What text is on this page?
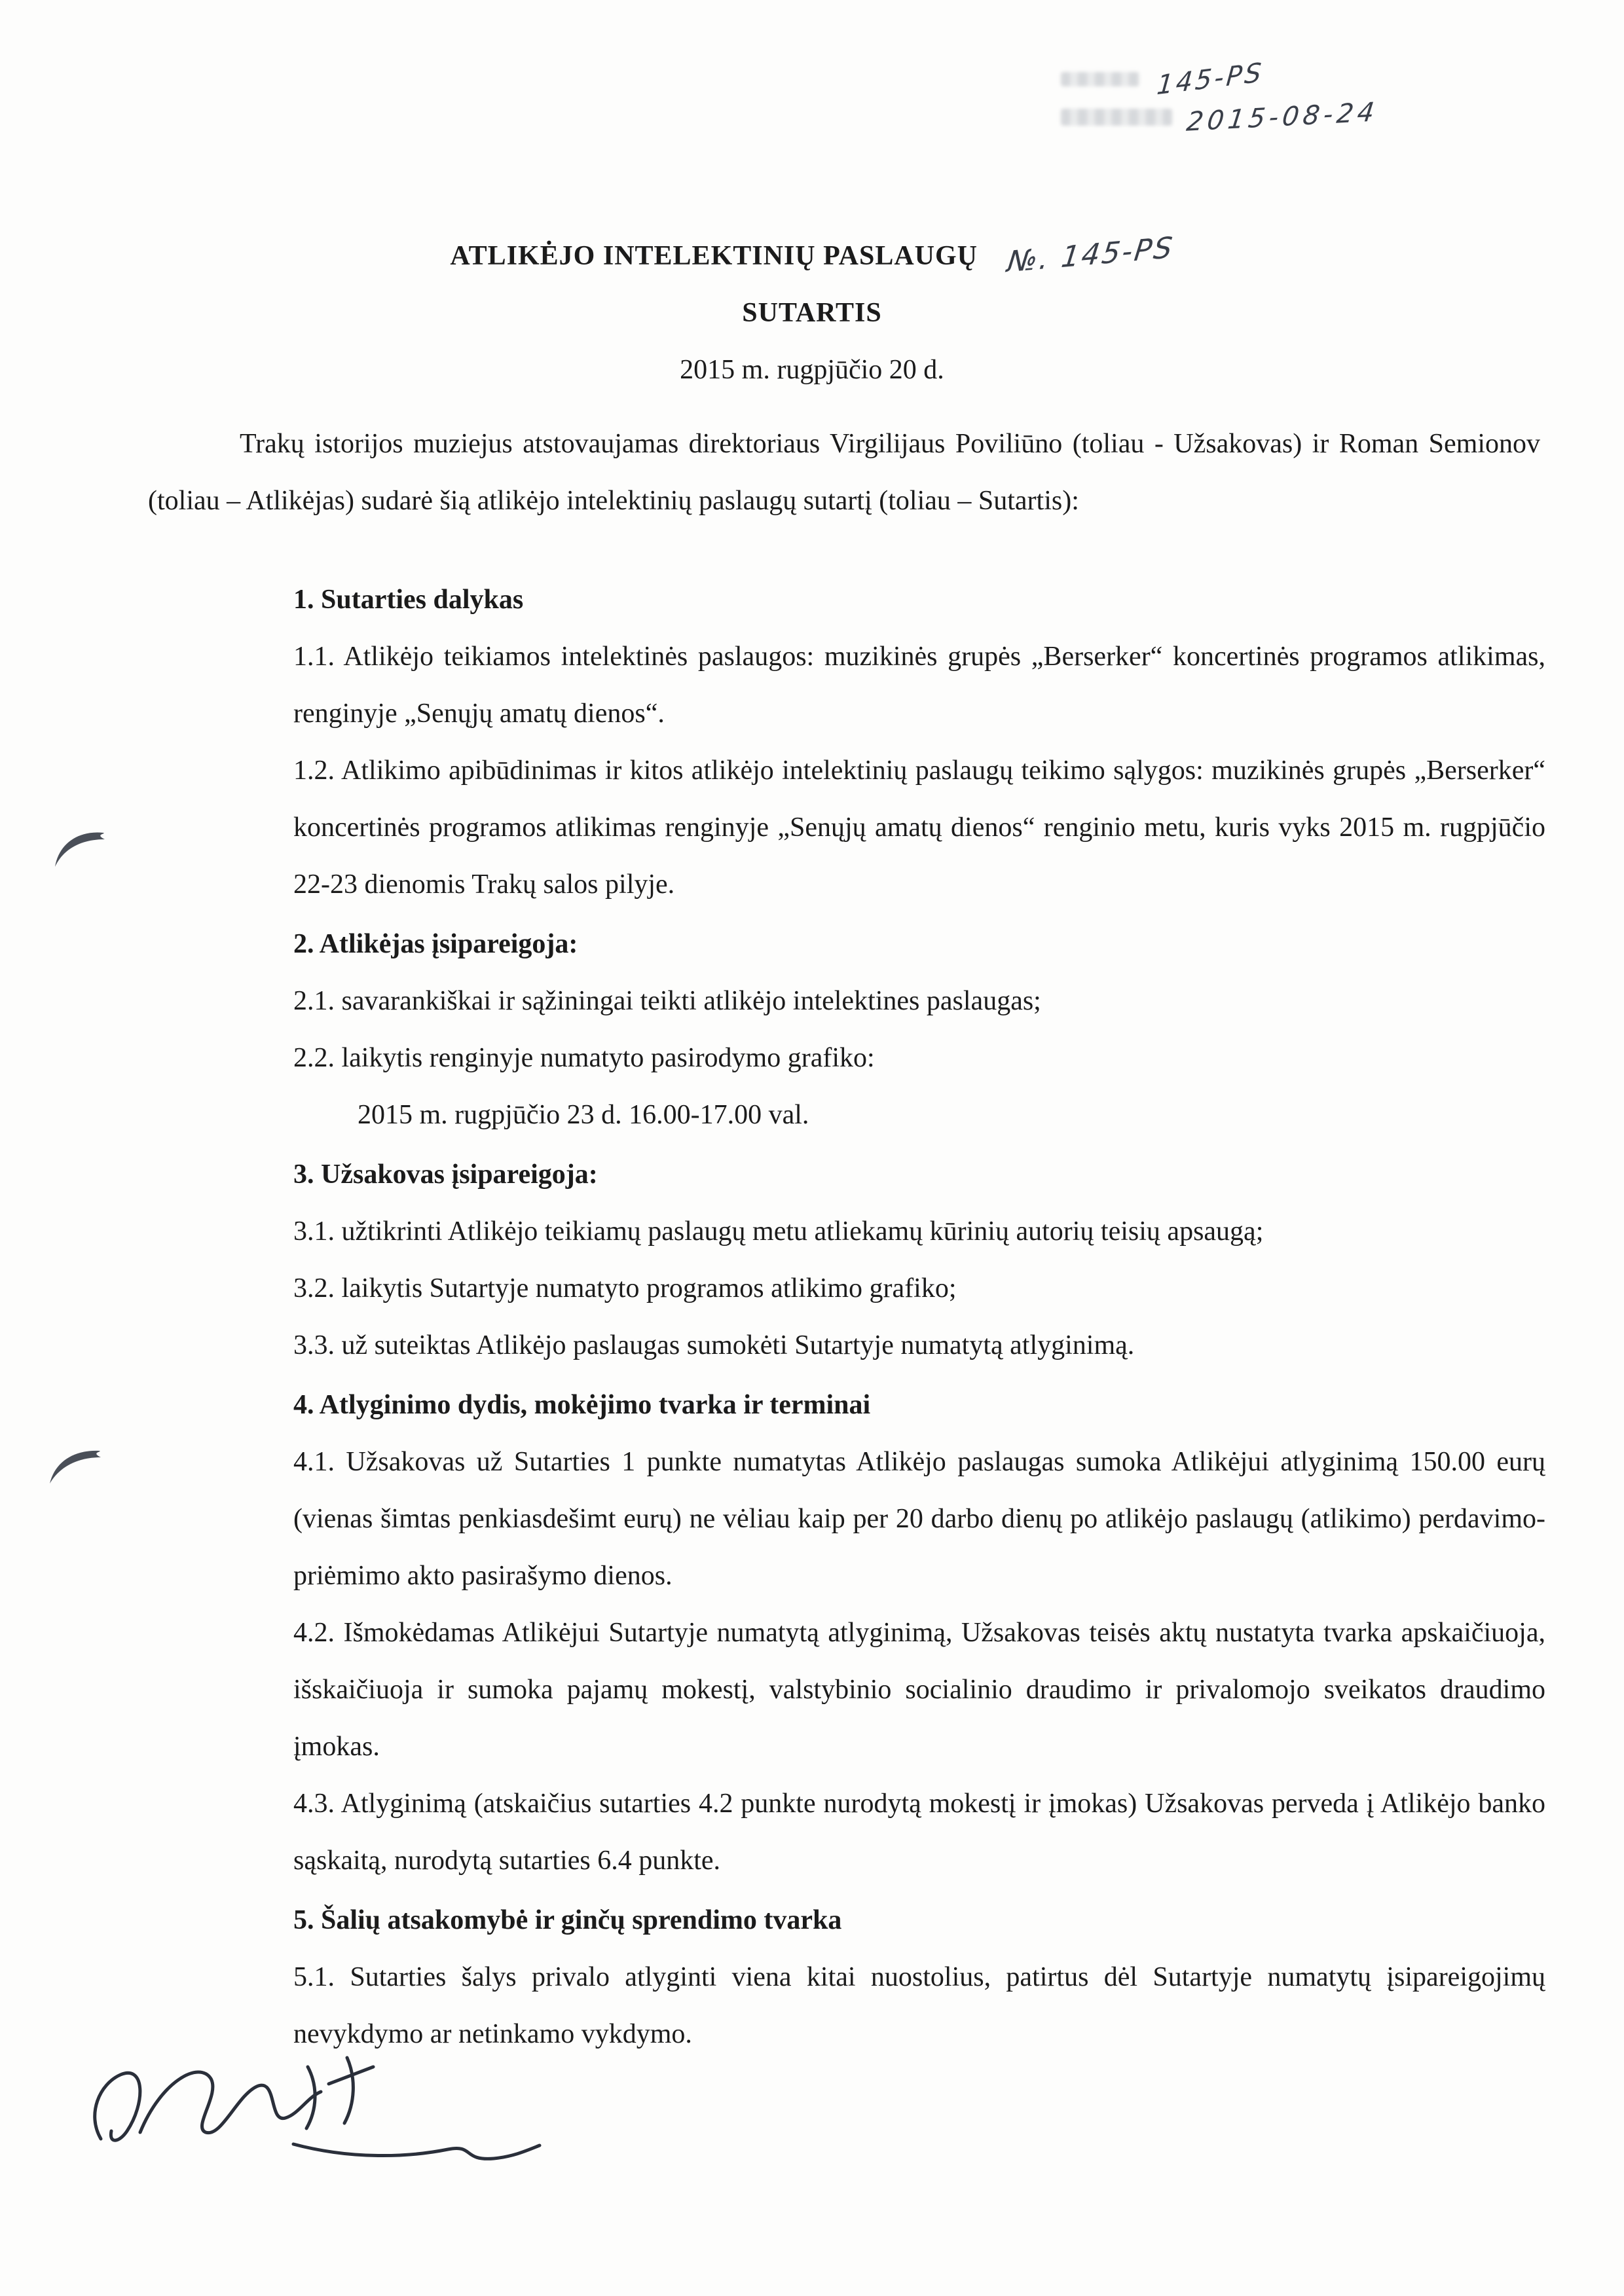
145-PS
2015-08-24
ATLIKĖJO INTELEKTINIŲ PASLAUGŲ №. 145-PS
SUTARTIS
2015 m. rugpjūčio 20 d.

Trakų istorijos muziejus atstovaujamas direktoriaus Virgilijaus Poviliūno (toliau - Užsakovas) ir Roman Semionov (toliau – Atlikėjas) sudarė šią atlikėjo intelektinių paslaugų sutartį (toliau – Sutartis):

1. Sutarties dalykas

1.1. Atlikėjo teikiamos intelektinės paslaugos: muzikinės grupės „Berserker“ koncertinės programos atlikimas, renginyje „Senųjų amatų dienos“.

1.2. Atlikimo apibūdinimas ir kitos atlikėjo intelektinių paslaugų teikimo sąlygos: muzikinės grupės „Berserker“ koncertinės programos atlikimas renginyje „Senųjų amatų dienos“ renginio metu, kuris vyks 2015 m. rugpjūčio 22-23 dienomis Trakų salos pilyje.

2. Atlikėjas įsipareigoja:

2.1. savarankiškai ir sąžiningai teikti atlikėjo intelektines paslaugas;

2.2. laikytis renginyje numatyto pasirodymo grafiko:

2015 m. rugpjūčio 23 d. 16.00-17.00 val.

3. Užsakovas įsipareigoja:

3.1. užtikrinti Atlikėjo teikiamų paslaugų metu atliekamų kūrinių autorių teisių apsaugą;

3.2. laikytis Sutartyje numatyto programos atlikimo grafiko;

3.3. už suteiktas Atlikėjo paslaugas sumokėti Sutartyje numatytą atlyginimą.

4. Atlyginimo dydis, mokėjimo tvarka ir terminai

4.1. Užsakovas už Sutarties 1 punkte numatytas Atlikėjo paslaugas sumoka Atlikėjui atlyginimą 150.00 eurų (vienas šimtas penkiasdešimt eurų) ne vėliau kaip per 20 darbo dienų po atlikėjo paslaugų (atlikimo) perdavimo-priėmimo akto pasirašymo dienos.

4.2. Išmokėdamas Atlikėjui Sutartyje numatytą atlyginimą, Užsakovas teisės aktų nustatyta tvarka apskaičiuoja, išskaičiuoja ir sumoka pajamų mokestį, valstybinio socialinio draudimo ir privalomojo sveikatos draudimo įmokas.

4.3. Atlyginimą (atskaičius sutarties 4.2 punkte nurodytą mokestį ir įmokas) Užsakovas perveda į Atlikėjo banko sąskaitą, nurodytą sutarties 6.4 punkte.

5. Šalių atsakomybė ir ginčų sprendimo tvarka

5.1. Sutarties šalys privalo atlyginti viena kitai nuostolius, patirtus dėl Sutartyje numatytų įsipareigojimų nevykdymo ar netinkamo vykdymo.
